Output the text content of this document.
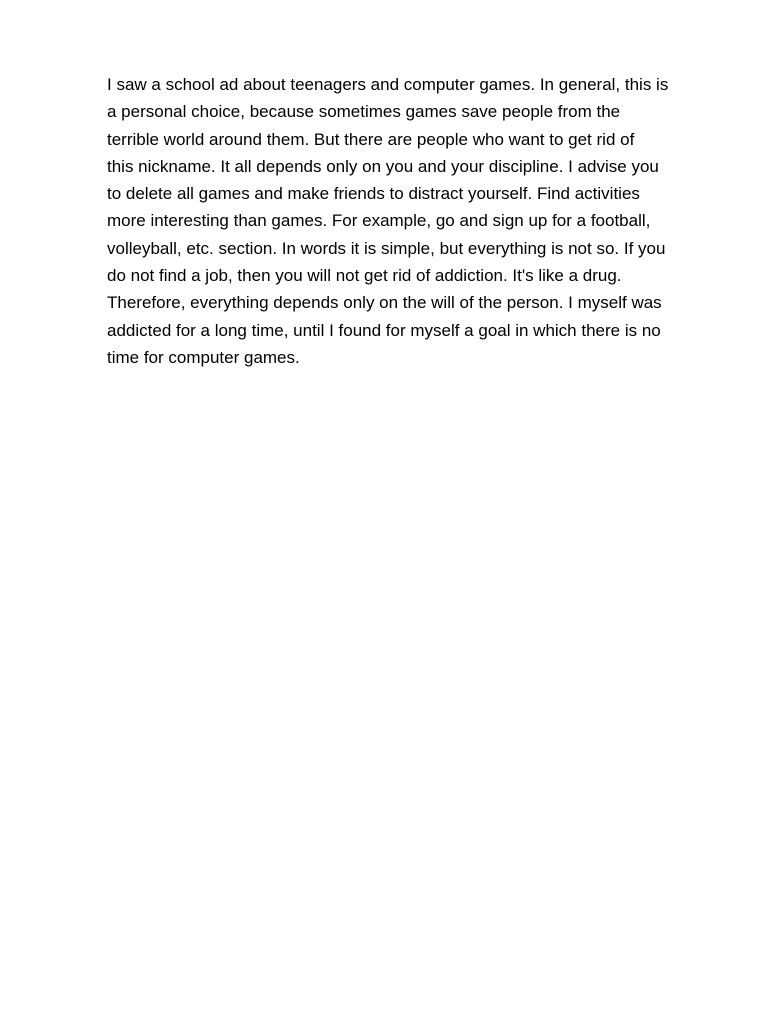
I saw a school ad about teenagers and computer games. In general, this is
a personal choice, because sometimes games save people from the
terrible world around them. But there are people who want to get rid of
this nickname. It all depends only on you and your discipline. I advise you
to delete all games and make friends to distract yourself. Find activities
more interesting than games. For example, go and sign up for a football,
volleyball, etc. section. In words it is simple, but everything is not so. If you
do not find a job, then you will not get rid of addiction. It's like a drug.
Therefore, everything depends only on the will of the person. I myself was
addicted for a long time, until I found for myself a goal in which there is no
time for computer games.
